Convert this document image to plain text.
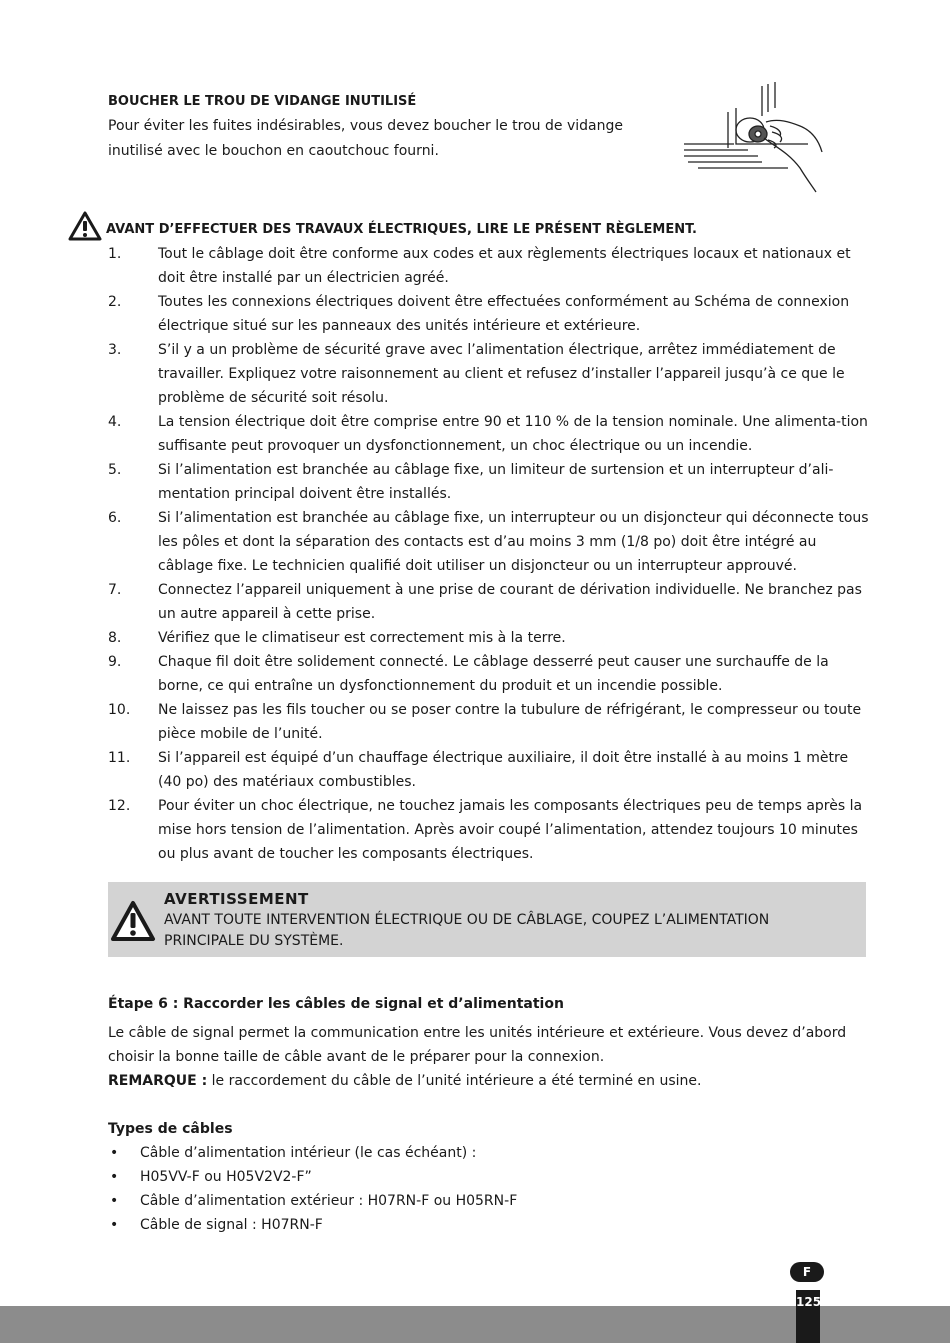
BOUCHER LE TROU DE VIDANGE INUTILISÉ
Pour éviter les fuites indésirables, vous devez boucher le trou de vidange inutilisé avec le bouchon en caoutchouc fourni.
AVANT D’EFFECTUER DES TRAVAUX ÉLECTRIQUES, LIRE LE PRÉSENT RÈGLEMENT.
1.	Tout le câblage doit être conforme aux codes et aux règlements électriques locaux et nationaux et doit être installé par un électricien agréé.
2.	Toutes les connexions électriques doivent être effectuées conformément au Schéma de connexion électrique situé sur les panneaux des unités intérieure et extérieure.
3.	S’il y a un problème de sécurité grave avec l’alimentation électrique, arrêtez immédiatement de travailler. Expliquez votre raisonnement au client et refusez d’installer l’appareil jusqu’à ce que le problème de sécurité soit résolu.
4.	La tension électrique doit être comprise entre 90 et 110 % de la tension nominale. Une alimenta-tion suffisante peut provoquer un dysfonctionnement, un choc électrique ou un incendie.
5.	Si l’alimentation est branchée au câblage fixe, un limiteur de surtension et un interrupteur d’ali-mentation principal doivent être installés.
6.	Si l’alimentation est branchée au câblage fixe, un interrupteur ou un disjoncteur qui déconnecte tous les pôles et dont la séparation des contacts est d’au moins 3 mm (1/8 po) doit être intégré au câblage fixe. Le technicien qualifié doit utiliser un disjoncteur ou un interrupteur approuvé.
7.	Connectez l’appareil uniquement à une prise de courant de dérivation individuelle. Ne branchez pas un autre appareil à cette prise.
8.	Vérifiez que le climatiseur est correctement mis à la terre.
9.	Chaque fil doit être solidement connecté. Le câblage desserré peut causer une surchauffe de la borne, ce qui entraîne un dysfonctionnement du produit et un incendie possible.
10.	Ne laissez pas les fils toucher ou se poser contre la tubulure de réfrigérant, le compresseur ou toute pièce mobile de l’unité.
11.	Si l’appareil est équipé d’un chauffage électrique auxiliaire, il doit être installé à au moins 1 mètre (40 po) des matériaux combustibles.
12.	Pour éviter un choc électrique, ne touchez jamais les composants électriques peu de temps après la mise hors tension de l’alimentation. Après avoir coupé l’alimentation, attendez toujours 10 minutes ou plus avant de toucher les composants électriques.
AVERTISSEMENT
AVANT TOUTE INTERVENTION ÉLECTRIQUE OU DE CÂBLAGE, COUPEZ L’ALIMENTATION PRINCIPALE DU SYSTÈME.
Étape 6 : Raccorder les câbles de signal et d’alimentation
Le câble de signal permet la communication entre les unités intérieure et extérieure. Vous devez d’abord choisir la bonne taille de câble avant de le préparer pour la connexion.
REMARQUE : le raccordement du câble de l’unité intérieure a été terminé en usine.
Types de câbles
• Câble d’alimentation intérieur (le cas échéant) :
• H05VV-F ou H05V2V2-F”
• Câble d’alimentation extérieur : H07RN-F ou H05RN-F
• Câble de signal : H07RN-F
F
125
